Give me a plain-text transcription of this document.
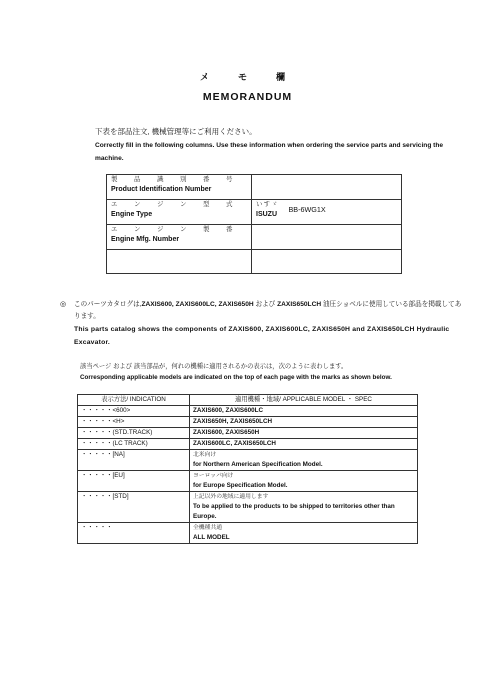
メ　モ　欄
MEMORANDUM
下表を部品注文, 機械管理等にご利用ください。
Correctly fill in the following columns. Use these information when ordering the service parts and servicing the machine.
製　品　識　別　番　号
Product Identification Number	

エ　ン　ジ　ン　型　式
Engine Type	いすゞ
ISUZU
BB-6WG1X

エ　ン　ジ　ン　製　番
Engine Mfg. Number	

◎ このパーツカタログは,ZAXIS600, ZAXIS600LC, ZAXIS650H および ZAXIS650LCH 油圧ショベルに使用している部品を掲載してあります。
This parts catalog shows the components of ZAXIS600, ZAXIS600LC, ZAXIS650H and ZAXIS650LCH Hydraulic Excavator.
該当ページ および 該当部品が，何れの機種に適用されるかの表示は，次のように表わします。
Corresponding applicable models are indicated on the top of each page with the marks as shown below.
表示方法/ INDICATION	適用機種・地域/ APPLICABLE MODEL ・ SPEC
・・・・・<600>	ZAXIS600, ZAXIS600LC
・・・・・<H>	ZAXIS650H, ZAXIS650LCH
・・・・・(STD.TRACK)	ZAXIS600, ZAXIS650H
・・・・・(LC TRACK)	ZAXIS600LC, ZAXIS650LCH
・・・・・[NA]	北米向け
for Northern American Specification Model.

・・・・・[EU]	ヨーロッパ向け
for Europe Specification Model.

・・・・・[STD]	上記以外の地域に適用します
To be applied to the products to be shipped to territories other than Europe.

・・・・・	全機種共通
ALL MODEL
